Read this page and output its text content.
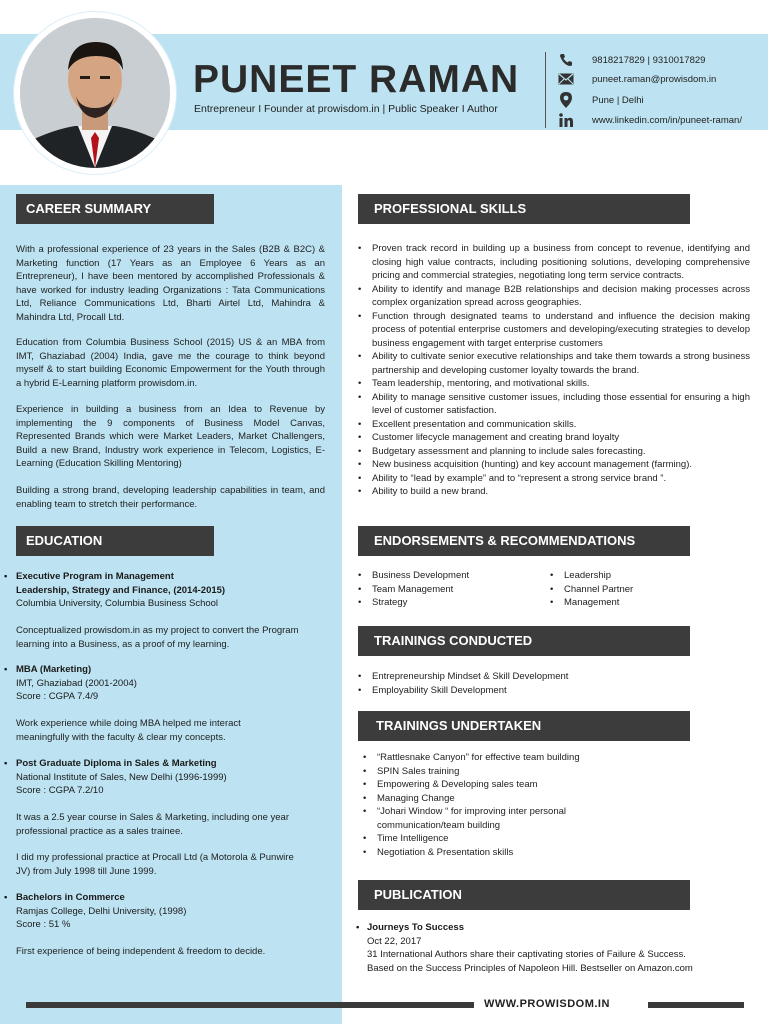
PUNEET RAMAN
Entrepreneur I Founder at prowisdom.in | Public Speaker I Author
9818217829 | 9310017829
puneet.raman@prowisdom.in
Pune | Delhi
www.linkedin.com/in/puneet-raman/
CAREER SUMMARY
With a professional experience of 23 years in the Sales (B2B & B2C) & Marketing function (17 Years as an Employee 6 Years as an Entrepreneur), I have been mentored by accomplished Professionals & have worked for industry leading Organizations : Tata Communications Ltd, Reliance Communications Ltd, Bharti Airtel Ltd, Mahindra & Mahindra Ltd, Procall Ltd.
Education from Columbia Business School (2015) US & an MBA from IMT, Ghaziabad (2004) India, gave me the courage to think beyond myself & to start building Economic Empowerment for the Youth through a hybrid E-Learning platform prowisdom.in.
Experience in building a business from an Idea to Revenue by implementing the 9 components of Business Model Canvas, Represented Brands which were Market Leaders, Market Challengers, Build a new Brand, Industry work experience in Telecom, Logistics, E-Learning (Education Skilling Mentoring)
Building a strong brand, developing leadership capabilities in team, and enabling team to stretch their performance.
EDUCATION
• Executive Program in Management
Leadership, Strategy and Finance, (2014-2015)
Columbia University, Columbia Business School
Conceptualized prowisdom.in as my project to convert the Program learning into a Business, as a proof of my learning.
• MBA (Marketing)
IMT, Ghaziabad (2001-2004)
Score : CGPA 7.4/9
Work experience while doing MBA helped me interact meaningfully with the faculty & clear my concepts.
• Post Graduate Diploma in Sales & Marketing
National Institute of Sales, New Delhi (1996-1999)
Score : CGPA 7.2/10
It was a 2.5 year course in Sales & Marketing, including one year professional practice as a sales trainee.
I did my professional practice at Procall Ltd (a Motorola & Punwire JV) from July 1998 till June 1999.
• Bachelors in Commerce
Ramjas College, Delhi University, (1998)
Score : 51 %
First experience of being independent & freedom to decide.
PROFESSIONAL SKILLS
• Proven track record in building up a business from concept to revenue, identifying and closing high value contracts, including positioning solutions, developing comprehensive pricing and commercial strategies, negotiating long term service contracts.
• Ability to identify and manage B2B relationships and decision making processes across complex organization spread across geographies.
• Function through designated teams to understand and influence the decision making process of potential enterprise customers and developing/executing strategies to develop business engagement with target enterprise customers
• Ability to cultivate senior executive relationships and take them towards a strong business partnership and developing customer loyalty towards the brand.
• Team leadership, mentoring, and motivational skills.
• Ability to manage sensitive customer issues, including those essential for ensuring a high level of customer satisfaction.
• Excellent presentation and communication skills.
• Customer lifecycle management and creating brand loyalty
• Budgetary assessment and planning to include sales forecasting.
• New business acquisition (hunting) and key account management (farming).
• Ability to “lead by example” and to “represent a strong service brand ”.
• Ability to build a new brand.
ENDORSEMENTS & RECOMMENDATIONS
• Business Development
• Team Management
• Strategy
• Leadership
• Channel Partner
• Management
TRAININGS CONDUCTED
• Entrepreneurship Mindset & Skill Development
• Employability Skill Development
TRAININGS UNDERTAKEN
• “Rattlesnake Canyon” for effective team building
• SPIN Sales training
• Empowering & Developing sales team
• Managing Change
• “Johari Window “ for improving inter personal communication/team building
• Time Intelligence
• Negotiation & Presentation skills
PUBLICATION
• Journeys To Success
Oct 22, 2017
31 International Authors share their captivating stories of Failure & Success.
Based on the Success Principles of Napoleon Hill. Bestseller on Amazon.com
WWW.PROWISDOM.IN
